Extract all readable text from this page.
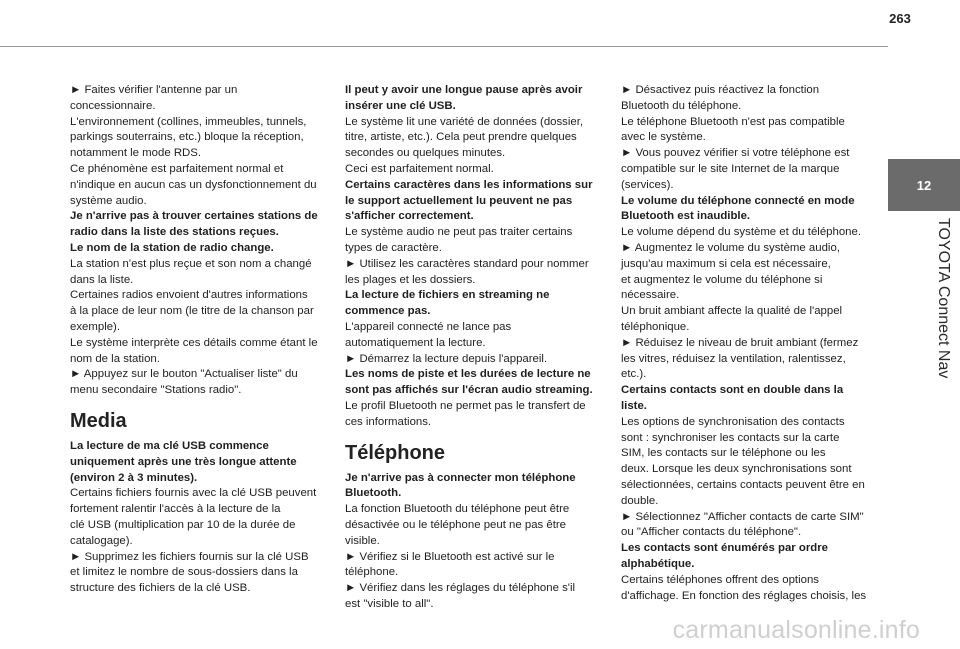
263
12
TOYOTA Connect Nav

► Faites vérifier l'antenne par un
concessionnaire.
L'environnement (collines, immeubles, tunnels,
parkings souterrains, etc.) bloque la réception,
notamment le mode RDS.
Ce phénomène est parfaitement normal et
n'indique en aucun cas un dysfonctionnement du
système audio.

Je n'arrive pas à trouver certaines stations de
radio dans la liste des stations reçues.
Le nom de la station de radio change.

La station n'est plus reçue et son nom a changé
dans la liste.
Certaines radios envoient d'autres informations
à la place de leur nom (le titre de la chanson par
exemple).
Le système interprète ces détails comme étant le
nom de la station.
► Appuyez sur le bouton "Actualiser liste" du
menu secondaire "Stations radio".

Media

La lecture de ma clé USB commence
uniquement après une très longue attente
(environ 2 à 3 minutes).

Certains fichiers fournis avec la clé USB peuvent
fortement ralentir l'accès à la lecture de la
clé USB (multiplication par 10 de la durée de
catalogage).
► Supprimez les fichiers fournis sur la clé USB
et limitez le nombre de sous-dossiers dans la
structure des fichiers de la clé USB.

Il peut y avoir une longue pause après avoir
insérer une clé USB.

Le système lit une variété de données (dossier,
titre, artiste, etc.). Cela peut prendre quelques
secondes ou quelques minutes.
Ceci est parfaitement normal.

Certains caractères dans les informations sur
le support actuellement lu peuvent ne pas
s'afficher correctement.

Le système audio ne peut pas traiter certains
types de caractère.
► Utilisez les caractères standard pour nommer
les plages et les dossiers.

La lecture de fichiers en streaming ne
commence pas.

L'appareil connecté ne lance pas
automatiquement la lecture.
► Démarrez la lecture depuis l'appareil.

Les noms de piste et les durées de lecture ne
sont pas affichés sur l'écran audio streaming.

Le profil Bluetooth ne permet pas le transfert de
ces informations.

Téléphone

Je n'arrive pas à connecter mon téléphone
Bluetooth.

La fonction Bluetooth du téléphone peut être
désactivée ou le téléphone peut ne pas être
visible.
► Vérifiez si le Bluetooth est activé sur le
téléphone.
► Vérifiez dans les réglages du téléphone s'il
est "visible to all".

► Désactivez puis réactivez la fonction
Bluetooth du téléphone.
Le téléphone Bluetooth n'est pas compatible
avec le système.
► Vous pouvez vérifier si votre téléphone est
compatible sur le site Internet de la marque
(services).

Le volume du téléphone connecté en mode
Bluetooth est inaudible.

Le volume dépend du système et du téléphone.
► Augmentez le volume du système audio,
jusqu'au maximum si cela est nécessaire,
et augmentez le volume du téléphone si
nécessaire.
Un bruit ambiant affecte la qualité de l'appel
téléphonique.
► Réduisez le niveau de bruit ambiant (fermez
les vitres, réduisez la ventilation, ralentissez,
etc.).

Certains contacts sont en double dans la
liste.

Les options de synchronisation des contacts
sont : synchroniser les contacts sur la carte
SIM, les contacts sur le téléphone ou les
deux. Lorsque les deux synchronisations sont
sélectionnées, certains contacts peuvent être en
double.
► Sélectionnez "Afficher contacts de carte SIM"
ou "Afficher contacts du téléphone".

Les contacts sont énumérés par ordre
alphabétique.

Certains téléphones offrent des options
d'affichage. En fonction des réglages choisis, les

carmanualsonline.info
